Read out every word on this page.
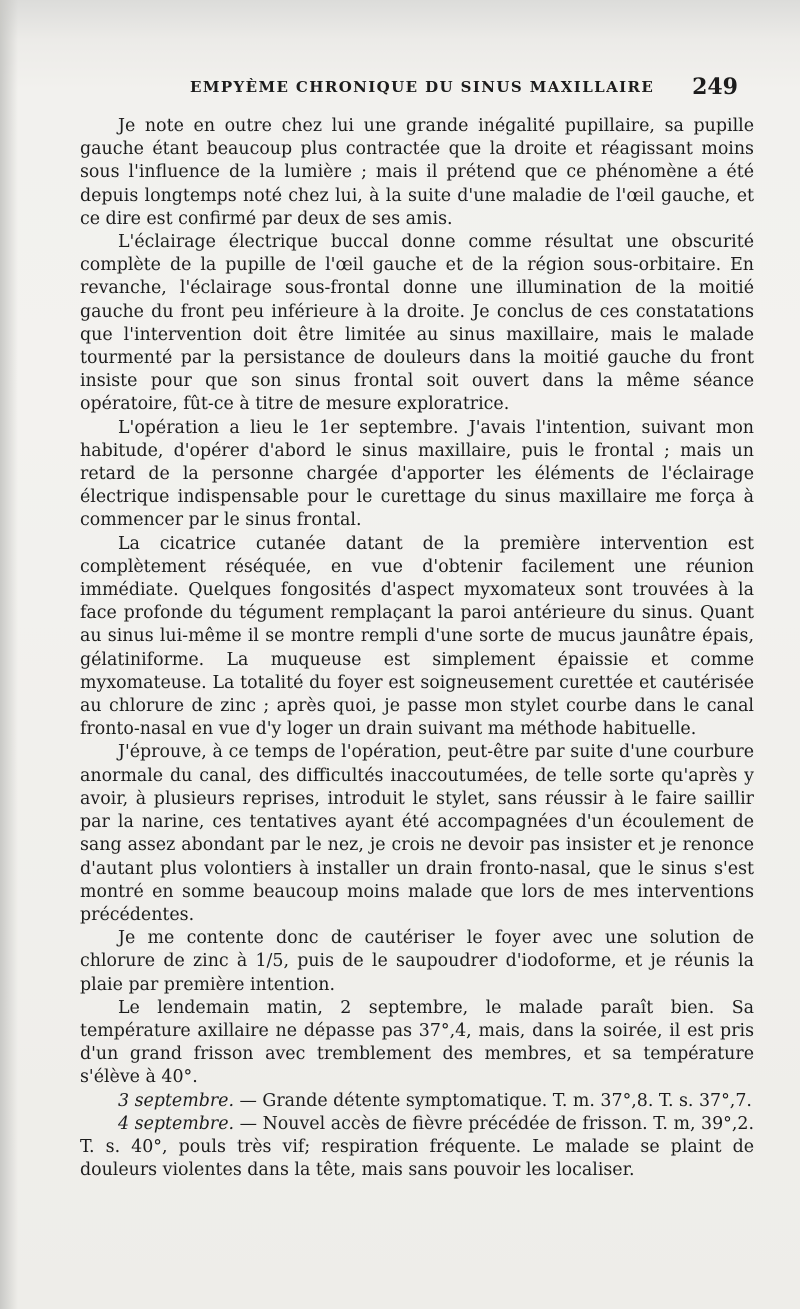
EMPYÈME CHRONIQUE DU SINUS MAXILLAIRE 249

Je note en outre chez lui une grande inégalité pupillaire, sa pupille gauche étant beaucoup plus contractée que la droite et réagissant moins sous l'influence de la lumière ; mais il prétend que ce phénomène a été depuis longtemps noté chez lui, à la suite d'une maladie de l'œil gauche, et ce dire est confirmé par deux de ses amis.

L'éclairage électrique buccal donne comme résultat une obscurité complète de la pupille de l'œil gauche et de la région sous-orbitaire. En revanche, l'éclairage sous-frontal donne une illumination de la moitié gauche du front peu inférieure à la droite. Je conclus de ces constatations que l'intervention doit être limitée au sinus maxillaire, mais le malade tourmenté par la persistance de douleurs dans la moitié gauche du front insiste pour que son sinus frontal soit ouvert dans la même séance opératoire, fût-ce à titre de mesure exploratrice.

L'opération a lieu le 1er septembre. J'avais l'intention, suivant mon habitude, d'opérer d'abord le sinus maxillaire, puis le frontal ; mais un retard de la personne chargée d'apporter les éléments de l'éclairage électrique indispensable pour le curettage du sinus maxillaire me força à commencer par le sinus frontal.

La cicatrice cutanée datant de la première intervention est complètement réséquée, en vue d'obtenir facilement une réunion immédiate. Quelques fongosités d'aspect myxomateux sont trouvées à la face profonde du tégument remplaçant la paroi antérieure du sinus. Quant au sinus lui-même il se montre rempli d'une sorte de mucus jaunâtre épais, gélatiniforme. La muqueuse est simplement épaissie et comme myxomateuse. La totalité du foyer est soigneusement curettée et cautérisée au chlorure de zinc ; après quoi, je passe mon stylet courbe dans le canal fronto-nasal en vue d'y loger un drain suivant ma méthode habituelle.

J'éprouve, à ce temps de l'opération, peut-être par suite d'une courbure anormale du canal, des difficultés inaccoutumées, de telle sorte qu'après y avoir, à plusieurs reprises, introduit le stylet, sans réussir à le faire saillir par la narine, ces tentatives ayant été accompagnées d'un écoulement de sang assez abondant par le nez, je crois ne devoir pas insister et je renonce d'autant plus volontiers à installer un drain fronto-nasal, que le sinus s'est montré en somme beaucoup moins malade que lors de mes interventions précédentes.

Je me contente donc de cautériser le foyer avec une solution de chlorure de zinc à 1/5, puis de le saupoudrer d'iodoforme, et je réunis la plaie par première intention.

Le lendemain matin, 2 septembre, le malade paraît bien. Sa température axillaire ne dépasse pas 37°,4, mais, dans la soirée, il est pris d'un grand frisson avec tremblement des membres, et sa température s'élève à 40°.

3 septembre. — Grande détente symptomatique. T. m. 37°,8. T. s. 37°,7.

4 septembre. — Nouvel accès de fièvre précédée de frisson. T. m, 39°,2. T. s. 40°, pouls très vif; respiration fréquente. Le malade se plaint de douleurs violentes dans la tête, mais sans pouvoir les localiser.
